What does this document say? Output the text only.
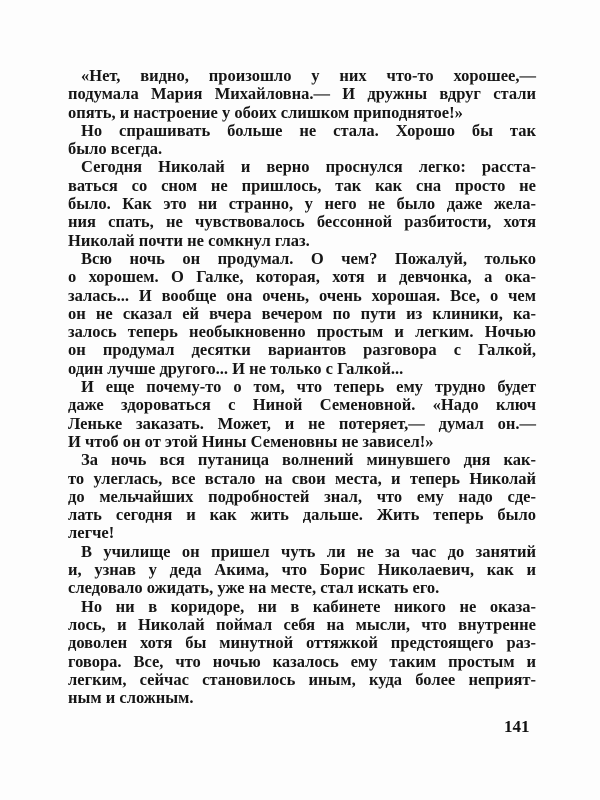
«Нет, видно, произошло у них что-то хорошее,—
подумала Мария Михайловна.— И дружны вдруг стали
опять, и настроение у обоих слишком приподнятое!»
Но спрашивать больше не стала. Хорошо бы так
было всегда.
Сегодня Николай и верно проснулся легко: расста-
ваться со сном не пришлось, так как сна просто не
было. Как это ни странно, у него не было даже жела-
ния спать, не чувствовалось бессонной разбитости, хотя
Николай почти не сомкнул глаз.
Всю ночь он продумал. О чем? Пожалуй, только
о хорошем. О Галке, которая, хотя и девчонка, а ока-
залась... И вообще она очень, очень хорошая. Все, о чем
он не сказал ей вчера вечером по пути из клиники, ка-
залось теперь необыкновенно простым и легким. Ночью
он продумал десятки вариантов разговора с Галкой,
один лучше другого... И не только с Галкой...
И еще почему-то о том, что теперь ему трудно будет
даже здороваться с Ниной Семеновной. «Надо ключ
Леньке заказать. Может, и не потеряет,— думал он.—
И чтоб он от этой Нины Семеновны не зависел!»
За ночь вся путаница волнений минувшего дня как-
то улеглась, все встало на свои места, и теперь Николай
до мельчайших подробностей знал, что ему надо сде-
лать сегодня и как жить дальше. Жить теперь было
легче!
В училище он пришел чуть ли не за час до занятий
и, узнав у деда Акима, что Борис Николаевич, как и
следовало ожидать, уже на месте, стал искать его.
Но ни в коридоре, ни в кабинете никого не оказа-
лось, и Николай поймал себя на мысли, что внутренне
доволен хотя бы минутной оттяжкой предстоящего раз-
говора. Все, что ночью казалось ему таким простым и
легким, сейчас становилось иным, куда более неприят-
ным и сложным.
141
